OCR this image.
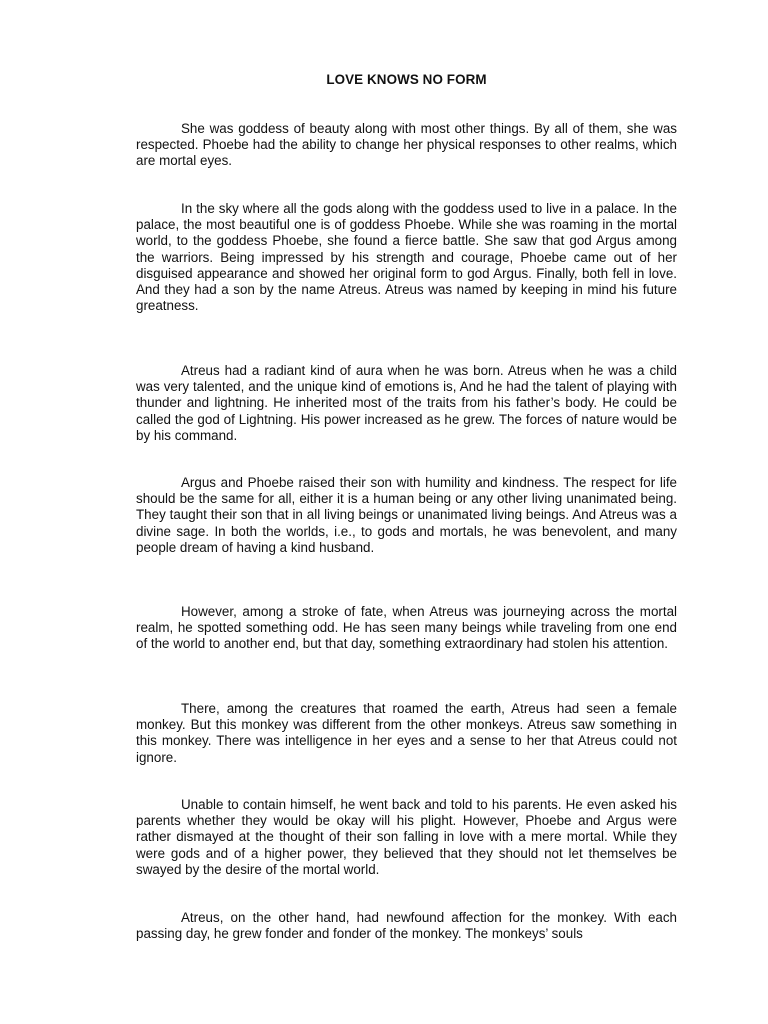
LOVE KNOWS NO FORM

She was goddess of beauty along with most other things. By all of them, she was respected. Phoebe had the ability to change her physical responses to other realms, which are mortal eyes.

In the sky where all the gods along with the goddess used to live in a palace. In the palace, the most beautiful one is of goddess Phoebe. While she was roaming in the mortal world, to the goddess Phoebe, she found a fierce battle. She saw that god Argus among the warriors. Being impressed by his strength and courage, Phoebe came out of her disguised appearance and showed her original form to god Argus. Finally, both fell in love. And they had a son by the name Atreus. Atreus was named by keeping in mind his future greatness.

Atreus had a radiant kind of aura when he was born. Atreus when he was a child was very talented, and the unique kind of emotions is, And he had the talent of playing with thunder and lightning. He inherited most of the traits from his father’s body. He could be called the god of Lightning. His power increased as he grew. The forces of nature would be by his command.

Argus and Phoebe raised their son with humility and kindness. The respect for life should be the same for all, either it is a human being or any other living unanimated being. They taught their son that in all living beings or unanimated living beings. And Atreus was a divine sage. In both the worlds, i.e., to gods and mortals, he was benevolent, and many people dream of having a kind husband.

However, among a stroke of fate, when Atreus was journeying across the mortal realm, he spotted something odd. He has seen many beings while traveling from one end of the world to another end, but that day, something extraordinary had stolen his attention.

There, among the creatures that roamed the earth, Atreus had seen a female monkey. But this monkey was different from the other monkeys. Atreus saw something in this monkey. There was intelligence in her eyes and a sense to her that Atreus could not ignore.

Unable to contain himself, he went back and told to his parents. He even asked his parents whether they would be okay will his plight. However, Phoebe and Argus were rather dismayed at the thought of their son falling in love with a mere mortal. While they were gods and of a higher power, they believed that they should not let themselves be swayed by the desire of the mortal world.

Atreus, on the other hand, had newfound affection for the monkey. With each passing day, he grew fonder and fonder of the monkey. The monkeys’ souls
